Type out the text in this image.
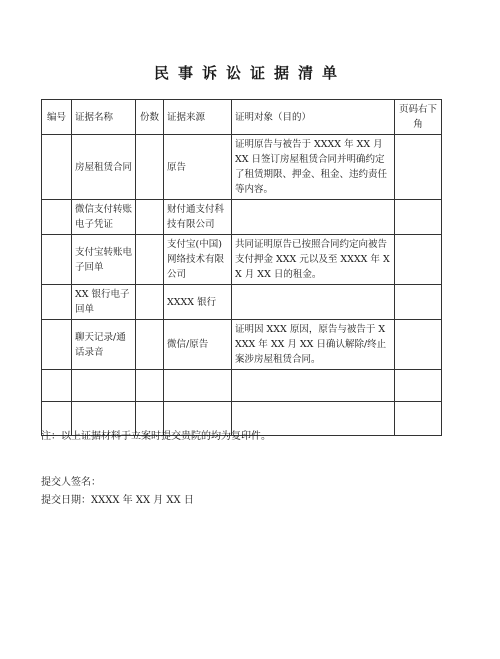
民事诉讼证据清单
编号	证据名称	份数	证据来源	证明对象（目的）	页码右下角
	房屋租赁合同		原告	证明原告与被告于 XXXX 年 XX 月 XX 日签订房屋租赁合同并明确约定了租赁期限、押金、租金、违约责任等内容。	
	微信支付转账电子凭证		财付通支付科技有限公司		
	支付宝转账电子回单		支付宝(中国)网络技术有限公司	共同证明原告已按照合同约定向被告支付押金 XXX 元以及至 XXXX 年 XX 月 XX 日的租金。	
	XX 银行电子回单		XXXX 银行		
	聊天记录/通话录音		微信/原告	证明因 XXX 原因，原告与被告于 XXXX 年 XX 月 XX 日确认解除/终止案涉房屋租赁合同。	

注：以上证据材料于立案时提交贵院的均为复印件。
提交人签名：
提交日期：XXXX 年 XX 月 XX 日
